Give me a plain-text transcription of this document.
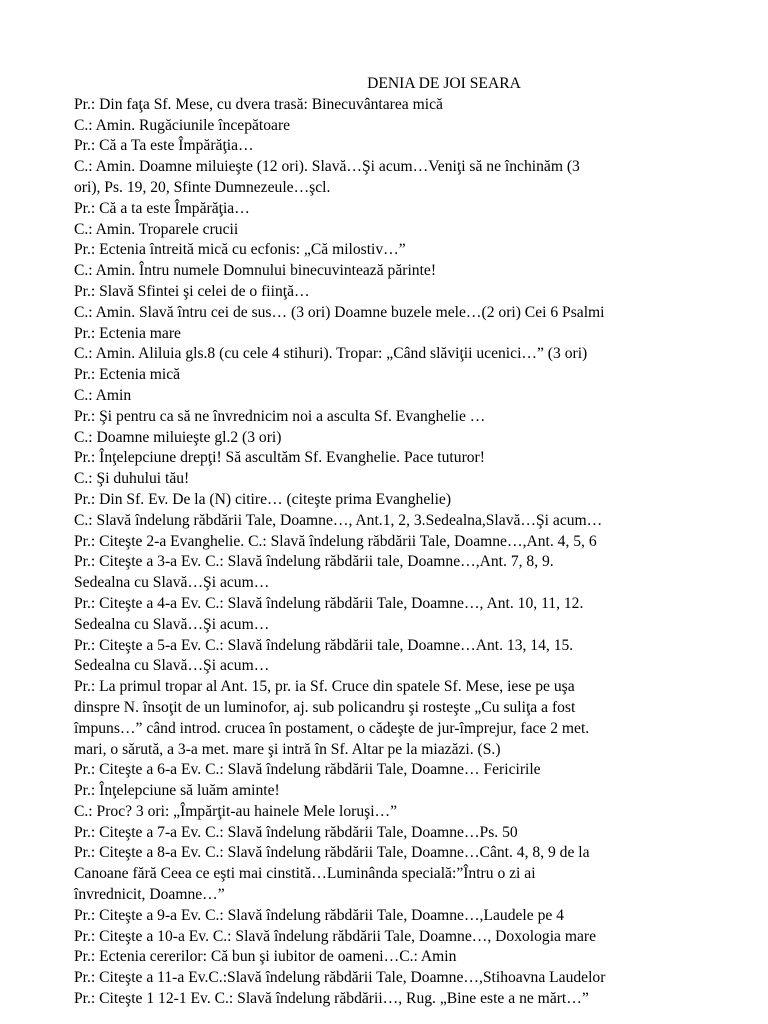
DENIA DE JOI SEARA
Pr.: Din faţa Sf. Mese, cu dvera trasă: Binecuvântarea mică
C.: Amin. Rugăciunile începătoare
Pr.: Că a Ta este Împărăţia…
C.: Amin. Doamne miluieşte (12 ori). Slavă…Şi acum…Veniţi să ne închinăm (3
ori), Ps. 19, 20, Sfinte Dumnezeule…şcl.
Pr.: Că a ta este Împărăţia…
C.: Amin. Troparele crucii
Pr.: Ectenia întreită mică cu ecfonis: „Că milostiv…”
C.: Amin. Întru numele Domnului binecuvintează părinte!
Pr.: Slavă Sfintei şi celei de o fiinţă…
C.: Amin. Slavă întru cei de sus… (3 ori) Doamne buzele mele…(2 ori) Cei 6 Psalmi
Pr.: Ectenia mare
C.: Amin. Aliluia gls.8 (cu cele 4 stihuri). Tropar: „Când slăviţii ucenici…” (3 ori)
Pr.: Ectenia mică
C.: Amin
Pr.: Şi pentru ca să ne învrednicim noi a asculta Sf. Evanghelie …
C.: Doamne miluieşte gl.2 (3 ori)
Pr.: Înţelepciune drepţi! Să ascultăm Sf. Evanghelie. Pace tuturor!
C.: Şi duhului tău!
Pr.: Din Sf. Ev. De la (N) citire… (citeşte prima Evanghelie)
C.: Slavă îndelung răbdării Tale, Doamne…, Ant.1, 2, 3.Sedealna,Slavă…Şi acum…
Pr.: Citeşte 2-a Evanghelie. C.: Slavă îndelung răbdării Tale, Doamne…,Ant. 4, 5, 6
Pr.: Citeşte a 3-a Ev. C.: Slavă îndelung răbdării tale, Doamne…,Ant. 7, 8, 9.
Sedealna cu Slavă…Şi acum…
Pr.: Citeşte a 4-a Ev. C.: Slavă îndelung răbdării Tale, Doamne…, Ant. 10, 11, 12.
Sedealna cu Slavă…Şi acum…
Pr.: Citeşte a 5-a Ev. C.: Slavă îndelung răbdării tale, Doamne…Ant. 13, 14, 15.
Sedealna cu Slavă…Şi acum…
Pr.: La primul tropar al Ant. 15, pr. ia Sf. Cruce din spatele Sf. Mese, iese pe uşa
dinspre N. însoţit de un luminofor, aj. sub policandru şi rosteşte „Cu suliţa a fost
împuns…” când introd. crucea în postament, o cădeşte de jur-împrejur, face 2 met.
mari, o sărută, a 3-a met. mare şi intră în Sf. Altar pe la miazăzi. (S.)
Pr.: Citeşte a 6-a Ev. C.: Slavă îndelung răbdării Tale, Doamne… Fericirile
Pr.: Înţelepciune să luăm aminte!
C.: Proc? 3 ori: „Împărţit-au hainele Mele loruşi…”
Pr.: Citeşte a 7-a Ev. C.: Slavă îndelung răbdării Tale, Doamne…Ps. 50
Pr.: Citeşte a 8-a Ev. C.: Slavă îndelung răbdării Tale, Doamne…Cânt. 4, 8, 9 de la
Canoane fără Ceea ce eşti mai cinstită…Luminânda specială:”Întru o zi ai
învrednicit, Doamne…”
Pr.: Citeşte a 9-a Ev. C.: Slavă îndelung răbdării Tale, Doamne…,Laudele pe 4
Pr.: Citeşte a 10-a Ev. C.: Slavă îndelung răbdării Tale, Doamne…, Doxologia mare
Pr.: Ectenia cererilor: Că bun şi iubitor de oameni…C.: Amin
Pr.: Citeşte a 11-a Ev.C.:Slavă îndelung răbdării Tale, Doamne…,Stihoavna Laudelor
Pr.: Citeşte 1 12-1 Ev. C.: Slavă îndelung răbdării…, Rug. „Bine este a ne mărt…”
